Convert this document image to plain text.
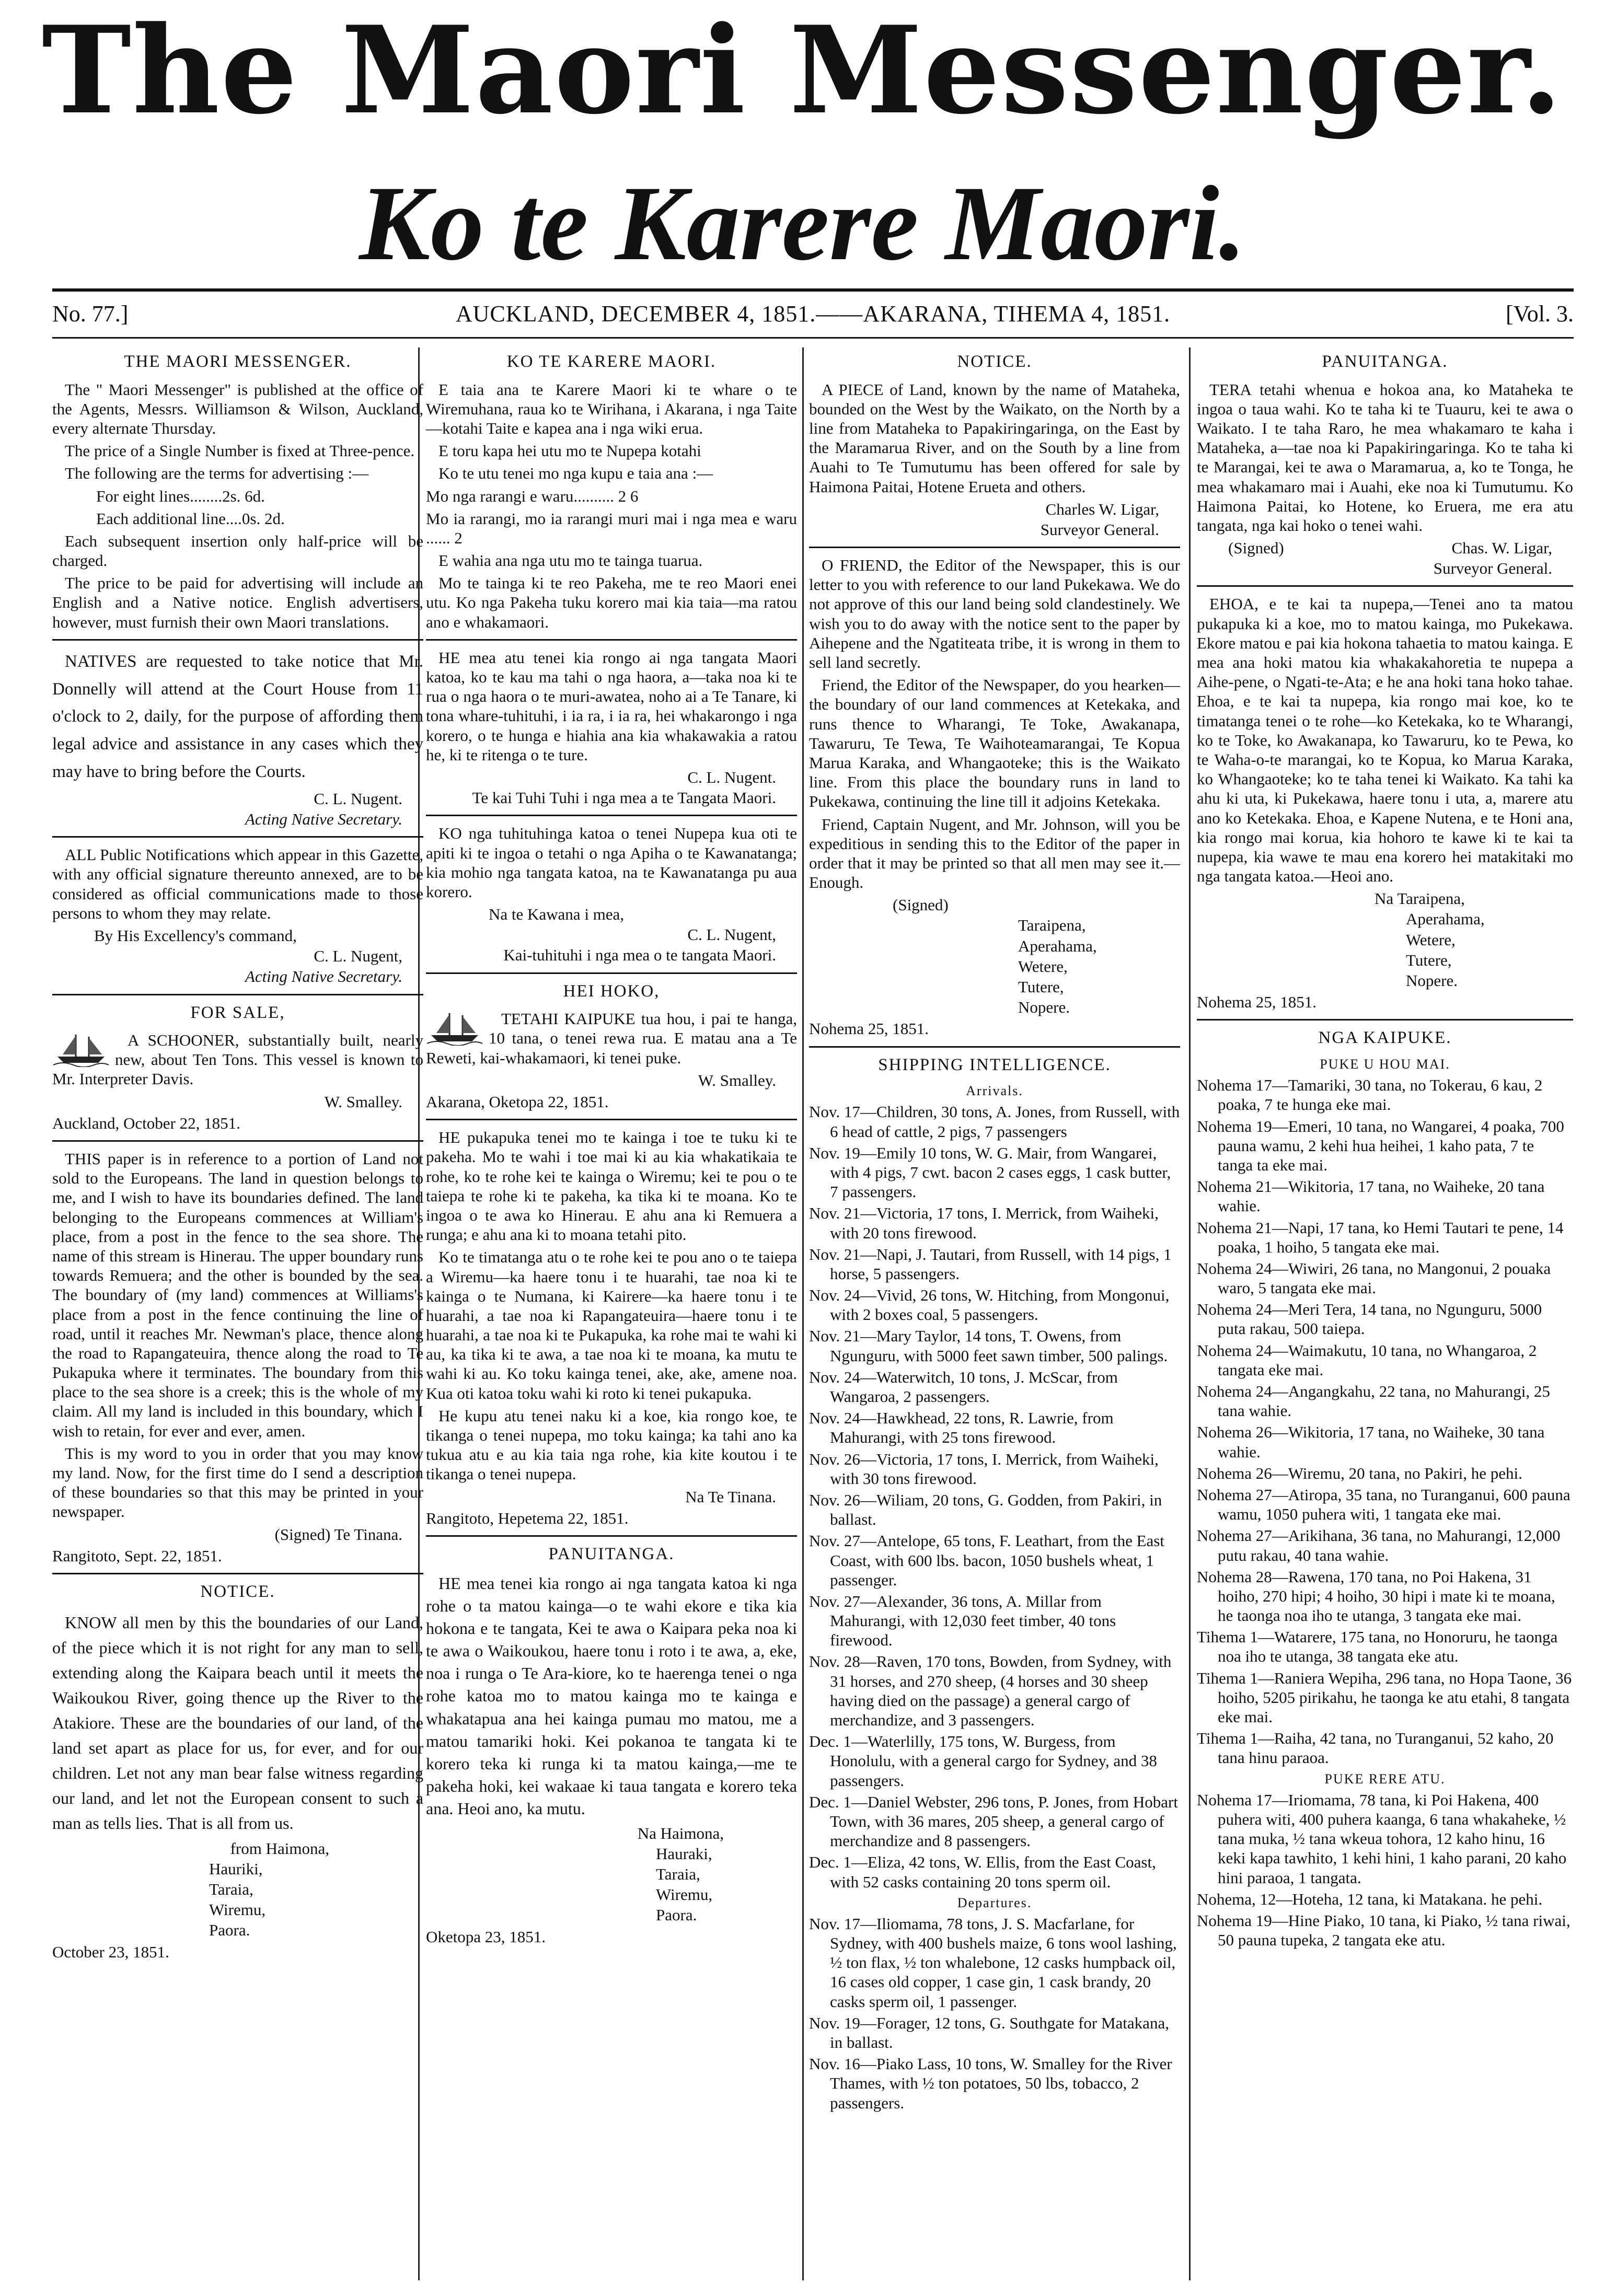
The Maori Messenger.
Ko te Karere Maori.
No. 77.]	AUCKLAND, DECEMBER 4, 1851.——AKARANA, TIHEMA 4, 1851.	[Vol. 3.
THE MAORI MESSENGER.

The " Maori Messenger" is published at the office of the Agents, Messrs. Williamson & Wilson, Auckland, every alternate Thursday.

The price of a Single Number is fixed at Three-pence.

The following are the terms for advertising :—

For eight lines........2s. 6d.

Each additional line....0s. 2d.

Each subsequent insertion only half-price will be charged.

The price to be paid for advertising will include an English and a Native notice. English advertisers, however, must furnish their own Maori translations.

NATIVES are requested to take notice that Mr. Donnelly will attend at the Court House from 11 o'clock to 2, daily, for the purpose of affording them legal advice and assistance in any cases which they may have to bring before the Courts.

C. L. Nugent.

Acting Native Secretary.

ALL Public Notifications which appear in this Gazette, with any official signature thereunto annexed, are to be considered as official communications made to those persons to whom they may relate.

By His Excellency's command,

C. L. Nugent,

Acting Native Secretary.

FOR SALE,

A SCHOONER, substantially built, nearly new, about Ten Tons. This vessel is known to Mr. Interpreter Davis.

W. Smalley.

Auckland, October 22, 1851.

THIS paper is in reference to a portion of Land not sold to the Europeans. The land in question belongs to me, and I wish to have its boundaries defined. The land belonging to the Europeans commences at William's place, from a post in the fence to the sea shore. The name of this stream is Hinerau. The upper boundary runs towards Remuera; and the other is bounded by the sea. The boundary of (my land) commences at Williams's place from a post in the fence continuing the line of road, until it reaches Mr. Newman's place, thence along the road to Rapangateuira, thence along the road to Te Pukapuka where it terminates. The boundary from this place to the sea shore is a creek; this is the whole of my claim. All my land is included in this boundary, which I wish to retain, for ever and ever, amen.

This is my word to you in order that you may know my land. Now, for the first time do I send a description of these boundaries so that this may be printed in your newspaper.

(Signed) Te Tinana.

Rangitoto, Sept. 22, 1851.

NOTICE.

KNOW all men by this the boundaries of our Land, of the piece which it is not right for any man to sell, extending along the Kaipara beach until it meets the Waikoukou River, going thence up the River to the Atakiore. These are the boundaries of our land, of the land set apart as place for us, for ever, and for our children. Let not any man bear false witness regarding our land, and let not the European consent to such a man as tells lies. That is all from us.

from Haimona,

Hauriki,

Taraia,

Wiremu,

Paora.

October 23, 1851.

KO TE KARERE MAORI.

E taia ana te Karere Maori ki te whare o te Wiremuhana, raua ko te Wirihana, i Akarana, i nga Taite—kotahi Taite e kapea ana i nga wiki erua.

E toru kapa hei utu mo te Nupepa kotahi

Ko te utu tenei mo nga kupu e taia ana :—

Mo nga rarangi e waru.......... 2 6

Mo ia rarangi, mo ia rarangi muri mai i nga mea e waru ...... 2

E wahia ana nga utu mo te tainga tuarua.

Mo te tainga ki te reo Pakeha, me te reo Maori enei utu. Ko nga Pakeha tuku korero mai kia taia—ma ratou ano e whakamaori.

HE mea atu tenei kia rongo ai nga tangata Maori katoa, ko te kau ma tahi o nga haora, a—taka noa ki te rua o nga haora o te muri-awatea, noho ai a Te Tanare, ki tona whare-tuhituhi, i ia ra, i ia ra, hei whakarongo i nga korero, o te hunga e hiahia ana kia whakawakia a ratou he, ki te ritenga o te ture.

C. L. Nugent.

Te kai Tuhi Tuhi i nga mea a te Tangata Maori.

KO nga tuhituhinga katoa o tenei Nupepa kua oti te apiti ki te ingoa o tetahi o nga Apiha o te Kawanatanga; kia mohio nga tangata katoa, na te Kawanatanga pu aua korero.

Na te Kawana i mea,

C. L. Nugent,

Kai-tuhituhi i nga mea o te tangata Maori.

HEI HOKO,

TETAHI KAIPUKE tua hou, i pai te hanga, 10 tana, o tenei rewa rua. E matau ana a Te Reweti, kai-whakamaori, ki tenei puke.

W. Smalley.

Akarana, Oketopa 22, 1851.

HE pukapuka tenei mo te kainga i toe te tuku ki te pakeha. Mo te wahi i toe mai ki au kia whakatikaia te rohe, ko te rohe kei te kainga o Wiremu; kei te pou o te taiepa te rohe ki te pakeha, ka tika ki te moana. Ko te ingoa o te awa ko Hinerau. E ahu ana ki Remuera a runga; e ahu ana ki to moana tetahi pito.

Ko te timatanga atu o te rohe kei te pou ano o te taiepa a Wiremu—ka haere tonu i te huarahi, tae noa ki te kainga o te Numana, ki Kairere—ka haere tonu i te huarahi, a tae noa ki Rapangateuira—haere tonu i te huarahi, a tae noa ki te Pukapuka, ka rohe mai te wahi ki au, ka tika ki te awa, a tae noa ki te moana, ka mutu te wahi ki au. Ko toku kainga tenei, ake, ake, amene noa. Kua oti katoa toku wahi ki roto ki tenei pukapuka.

He kupu atu tenei naku ki a koe, kia rongo koe, te tikanga o tenei nupepa, mo toku kainga; ka tahi ano ka tukua atu e au kia taia nga rohe, kia kite koutou i te tikanga o tenei nupepa.

Na Te Tinana.

Rangitoto, Hepetema 22, 1851.

PANUITANGA.

HE mea tenei kia rongo ai nga tangata katoa ki nga rohe o ta matou kainga—o te wahi ekore e tika kia hokona e te tangata, Kei te awa o Kaipara peka noa ki te awa o Waikoukou, haere tonu i roto i te awa, a, eke, noa i runga o Te Ara-kiore, ko te haerenga tenei o nga rohe katoa mo to matou kainga mo te kainga e whakatapua ana hei kainga pumau mo matou, me a matou tamariki hoki. Kei pokanoa te tangata ki te korero teka ki runga ki ta matou kainga,—me te pakeha hoki, kei wakaae ki taua tangata e korero teka ana. Heoi ano, ka mutu.

Na Haimona,

Hauraki,

Taraia,

Wiremu,

Paora.

Oketopa 23, 1851.

NOTICE.

A PIECE of Land, known by the name of Mataheka, bounded on the West by the Waikato, on the North by a line from Mataheka to Papakiringaringa, on the East by the Maramarua River, and on the South by a line from Auahi to Te Tumutumu has been offered for sale by Haimona Paitai, Hotene Erueta and others.

Charles W. Ligar,

Surveyor General.

O FRIEND, the Editor of the Newspaper, this is our letter to you with reference to our land Pukekawa. We do not approve of this our land being sold clandestinely. We wish you to do away with the notice sent to the paper by Aihepene and the Ngatiteata tribe, it is wrong in them to sell land secretly.

Friend, the Editor of the Newspaper, do you hearken—the boundary of our land commences at Ketekaka, and runs thence to Wharangi, Te Toke, Awakanapa, Tawaruru, Te Tewa, Te Waihoteamarangai, Te Kopua Marua Karaka, and Whangaoteke; this is the Waikato line. From this place the boundary runs in land to Pukekawa, continuing the line till it adjoins Ketekaka.

Friend, Captain Nugent, and Mr. Johnson, will you be expeditious in sending this to the Editor of the paper in order that it may be printed so that all men may see it.—Enough.

(Signed)

Taraipena,

Aperahama,

Wetere,

Tutere,

Nopere.

Nohema 25, 1851.

SHIPPING INTELLIGENCE.
Arrivals.

Nov. 17—Children, 30 tons, A. Jones, from Russell, with 6 head of cattle, 2 pigs, 7 passengers

Nov. 19—Emily 10 tons, W. G. Mair, from Wangarei, with 4 pigs, 7 cwt. bacon 2 cases eggs, 1 cask butter, 7 passengers.

Nov. 21—Victoria, 17 tons, I. Merrick, from Waiheki, with 20 tons firewood.

Nov. 21—Napi, J. Tautari, from Russell, with 14 pigs, 1 horse, 5 passengers.

Nov. 24—Vivid, 26 tons, W. Hitching, from Mongonui, with 2 boxes coal, 5 passengers.

Nov. 21—Mary Taylor, 14 tons, T. Owens, from Ngunguru, with 5000 feet sawn timber, 500 palings.

Nov. 24—Waterwitch, 10 tons, J. McScar, from Wangaroa, 2 passengers.

Nov. 24—Hawkhead, 22 tons, R. Lawrie, from Mahurangi, with 25 tons firewood.

Nov. 26—Victoria, 17 tons, I. Merrick, from Waiheki, with 30 tons firewood.

Nov. 26—Wiliam, 20 tons, G. Godden, from Pakiri, in ballast.

Nov. 27—Antelope, 65 tons, F. Leathart, from the East Coast, with 600 lbs. bacon, 1050 bushels wheat, 1 passenger.

Nov. 27—Alexander, 36 tons, A. Millar from Mahurangi, with 12,030 feet timber, 40 tons firewood.

Nov. 28—Raven, 170 tons, Bowden, from Sydney, with 31 horses, and 270 sheep, (4 horses and 30 sheep having died on the passage) a general cargo of merchandize, and 3 passengers.

Dec. 1—Waterlilly, 175 tons, W. Burgess, from Honolulu, with a general cargo for Sydney, and 38 passengers.

Dec. 1—Daniel Webster, 296 tons, P. Jones, from Hobart Town, with 36 mares, 205 sheep, a general cargo of merchandize and 8 passengers.

Dec. 1—Eliza, 42 tons, W. Ellis, from the East Coast, with 52 casks containing 20 tons sperm oil.

Departures.

Nov. 17—Iliomama, 78 tons, J. S. Macfarlane, for Sydney, with 400 bushels maize, 6 tons wool lashing, ½ ton flax, ½ ton whalebone, 12 casks humpback oil, 16 cases old copper, 1 case gin, 1 cask brandy, 20 casks sperm oil, 1 passenger.

Nov. 19—Forager, 12 tons, G. Southgate for Matakana, in ballast.

Nov. 16—Piako Lass, 10 tons, W. Smalley for the River Thames, with ½ ton potatoes, 50 lbs, tobacco, 2 passengers.

PANUITANGA.

TERA tetahi whenua e hokoa ana, ko Mataheka te ingoa o taua wahi. Ko te taha ki te Tuauru, kei te awa o Waikato. I te taha Raro, he mea whakamaro te kaha i Mataheka, a—tae noa ki Papakiringaringa. Ko te taha ki te Marangai, kei te awa o Maramarua, a, ko te Tonga, he mea whakamaro mai i Auahi, eke noa ki Tumutumu. Ko Haimona Paitai, ko Hotene, ko Eruera, me era atu tangata, nga kai hoko o tenei wahi.

(Signed)	Chas. W. Ligar,

Surveyor General.

EHOA, e te kai ta nupepa,—Tenei ano ta matou pukapuka ki a koe, mo to matou kainga, mo Pukekawa. Ekore matou e pai kia hokona tahaetia to matou kainga. E mea ana hoki matou kia whakakahoretia te nupepa a Aihe-pene, o Ngati-te-Ata; e he ana hoki tana hoko tahae. Ehoa, e te kai ta nupepa, kia rongo mai koe, ko te timatanga tenei o te rohe—ko Ketekaka, ko te Wharangi, ko te Toke, ko Awakanapa, ko Tawaruru, ko te Pewa, ko te Waha-o-te marangai, ko te Kopua, ko Marua Karaka, ko Whangaoteke; ko te taha tenei ki Waikato. Ka tahi ka ahu ki uta, ki Pukekawa, haere tonu i uta, a, marere atu ano ko Ketekaka. Ehoa, e Kapene Nutena, e te Honi ana, kia rongo mai korua, kia hohoro te kawe ki te kai ta nupepa, kia wawe te mau ena korero hei matakitaki mo nga tangata katoa.—Heoi ano.

Na Taraipena,

Aperahama,

Wetere,

Tutere,

Nopere.

Nohema 25, 1851.

NGA KAIPUKE.
PUKE U HOU MAI.

Nohema 17—Tamariki, 30 tana, no Tokerau, 6 kau, 2 poaka, 7 te hunga eke mai.

Nohema 19—Emeri, 10 tana, no Wangarei, 4 poaka, 700 pauna wamu, 2 kehi hua heihei, 1 kaho pata, 7 te tanga ta eke mai.

Nohema 21—Wikitoria, 17 tana, no Waiheke, 20 tana wahie.

Nohema 21—Napi, 17 tana, ko Hemi Tautari te pene, 14 poaka, 1 hoiho, 5 tangata eke mai.

Nohema 24—Wiwiri, 26 tana, no Mangonui, 2 pouaka waro, 5 tangata eke mai.

Nohema 24—Meri Tera, 14 tana, no Ngunguru, 5000 puta rakau, 500 taiepa.

Nohema 24—Waimakutu, 10 tana, no Whangaroa, 2 tangata eke mai.

Nohema 24—Angangkahu, 22 tana, no Mahurangi, 25 tana wahie.

Nohema 26—Wikitoria, 17 tana, no Waiheke, 30 tana wahie.

Nohema 26—Wiremu, 20 tana, no Pakiri, he pehi.

Nohema 27—Atiropa, 35 tana, no Turanganui, 600 pauna wamu, 1050 puhera witi, 1 tangata eke mai.

Nohema 27—Arikihana, 36 tana, no Mahurangi, 12,000 putu rakau, 40 tana wahie.

Nohema 28—Rawena, 170 tana, no Poi Hakena, 31 hoiho, 270 hipi; 4 hoiho, 30 hipi i mate ki te moana, he taonga noa iho te utanga, 3 tangata eke mai.

Tihema 1—Watarere, 175 tana, no Honoruru, he taonga noa iho te utanga, 38 tangata eke atu.

Tihema 1—Raniera Wepiha, 296 tana, no Hopa Taone, 36 hoiho, 5205 pirikahu, he taonga ke atu etahi, 8 tangata eke mai.

Tihema 1—Raiha, 42 tana, no Turanganui, 52 kaho, 20 tana hinu paraoa.

PUKE RERE ATU.

Nohema 17—Iriomama, 78 tana, ki Poi Hakena, 400 puhera witi, 400 puhera kaanga, 6 tana whakaheke, ½ tana muka, ½ tana wkeua tohora, 12 kaho hinu, 16 keki kapa tawhito, 1 kehi hini, 1 kaho parani, 20 kaho hini paraoa, 1 tangata.

Nohema, 12—Hoteha, 12 tana, ki Matakana. he pehi.

Nohema 19—Hine Piako, 10 tana, ki Piako, ½ tana riwai, 50 pauna tupeka, 2 tangata eke atu.
